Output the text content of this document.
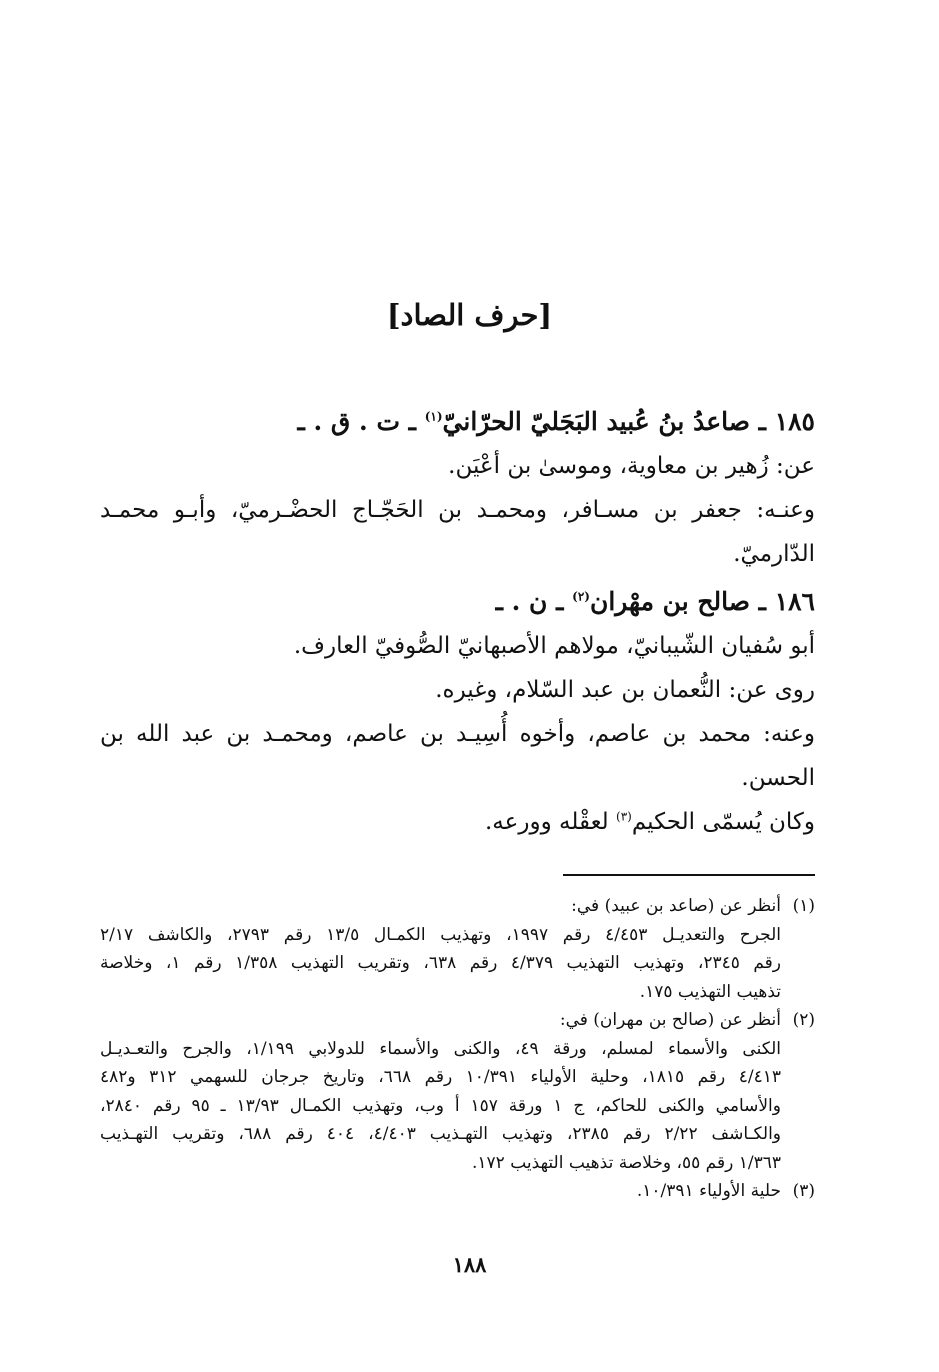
[حرف الصاد]

١٨٥ ـ صاعدُ بنُ عُبيد البَجَليّ الحرّانيّ$^{(١)}$ ـ ت . ق . ـ

عن: زُهير بن معاوية، وموسىٰ بن أعْيَن.

وعنـه: جعفر بن مسـافر، ومحمـد بن الحَجّـاج الحضْـرميّ، وأبـو محمـد الدّارميّ.

١٨٦ ـ صالح بن مهْران$^{(٢)}$ ـ ن . ـ

أبو سُفيان الشّيبانيّ، مولاهم الأصبهانيّ الصُّوفيّ العارف.

روى عن: النُّعمان بن عبد السّلام، وغيره.

وعنه: محمد بن عاصم، وأخوه أُسِيـد بن عاصم، ومحمـد بن عبد الله بن الحسن.

وكان يُسمّى الحكيم$^{(٣)}$ لعقْله وورعه.

(١)

أنظر عن (صاعد بن عبيد) في:

الجرح والتعديـل ٤/٤٥٣ رقم ١٩٩٧، وتهذيب الكمـال ١٣/٥ رقم ٢٧٩٣، والكاشف ٢/١٧

رقم ٢٣٤٥، وتهذيب التهذيب ٤/٣٧٩ رقم ٦٣٨، وتقريب التهذيب ١/٣٥٨ رقم ١، وخلاصة

تذهيب التهذيب ١٧٥.

(٢)

أنظر عن (صالح بن مهران) في:

الكنى والأسماء لمسلم، ورقة ٤٩، والكنى والأسماء للدولابي ١/١٩٩، والجرح والتعـديـل

٤/٤١٣ رقم ١٨١٥، وحلية الأولياء ١٠/٣٩١ رقم ٦٦٨، وتاريخ جرجان للسهمي ٣١٢ و٤٨٢

والأسامي والكنى للحاكم، ج ١ ورقة ١٥٧ أ وب، وتهذيب الكمـال ١٣/٩٣ ـ ٩٥ رقم ٢٨٤٠،

والكـاشف ٢/٢٢ رقم ٢٣٨٥، وتهذيب التهـذيب ٤/٤٠٣، ٤٠٤ رقم ٦٨٨، وتقريب التهـذيب

١/٣٦٣ رقم ٥٥، وخلاصة تذهيب التهذيب ١٧٢.

(٣)

حلية الأولياء ١٠/٣٩١.

١٨٨
